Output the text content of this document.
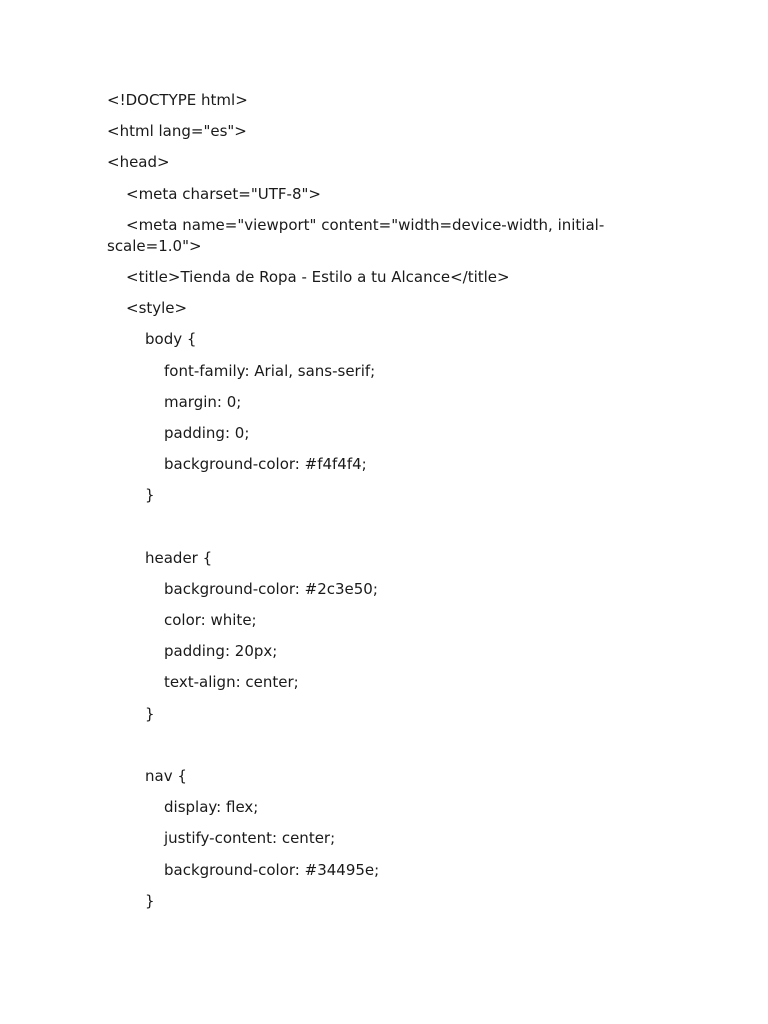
<!DOCTYPE html>
<html lang="es">
<head>
<meta charset="UTF-8">
<meta name="viewport" content="width=device-width, initial-scale=1.0">
<title>Tienda de Ropa - Estilo a tu Alcance</title>
<style>
body {
font-family: Arial, sans-serif;
margin: 0;
padding: 0;
background-color: #f4f4f4;
}
header {
background-color: #2c3e50;
color: white;
padding: 20px;
text-align: center;
}
nav {
display: flex;
justify-content: center;
background-color: #34495e;
}
